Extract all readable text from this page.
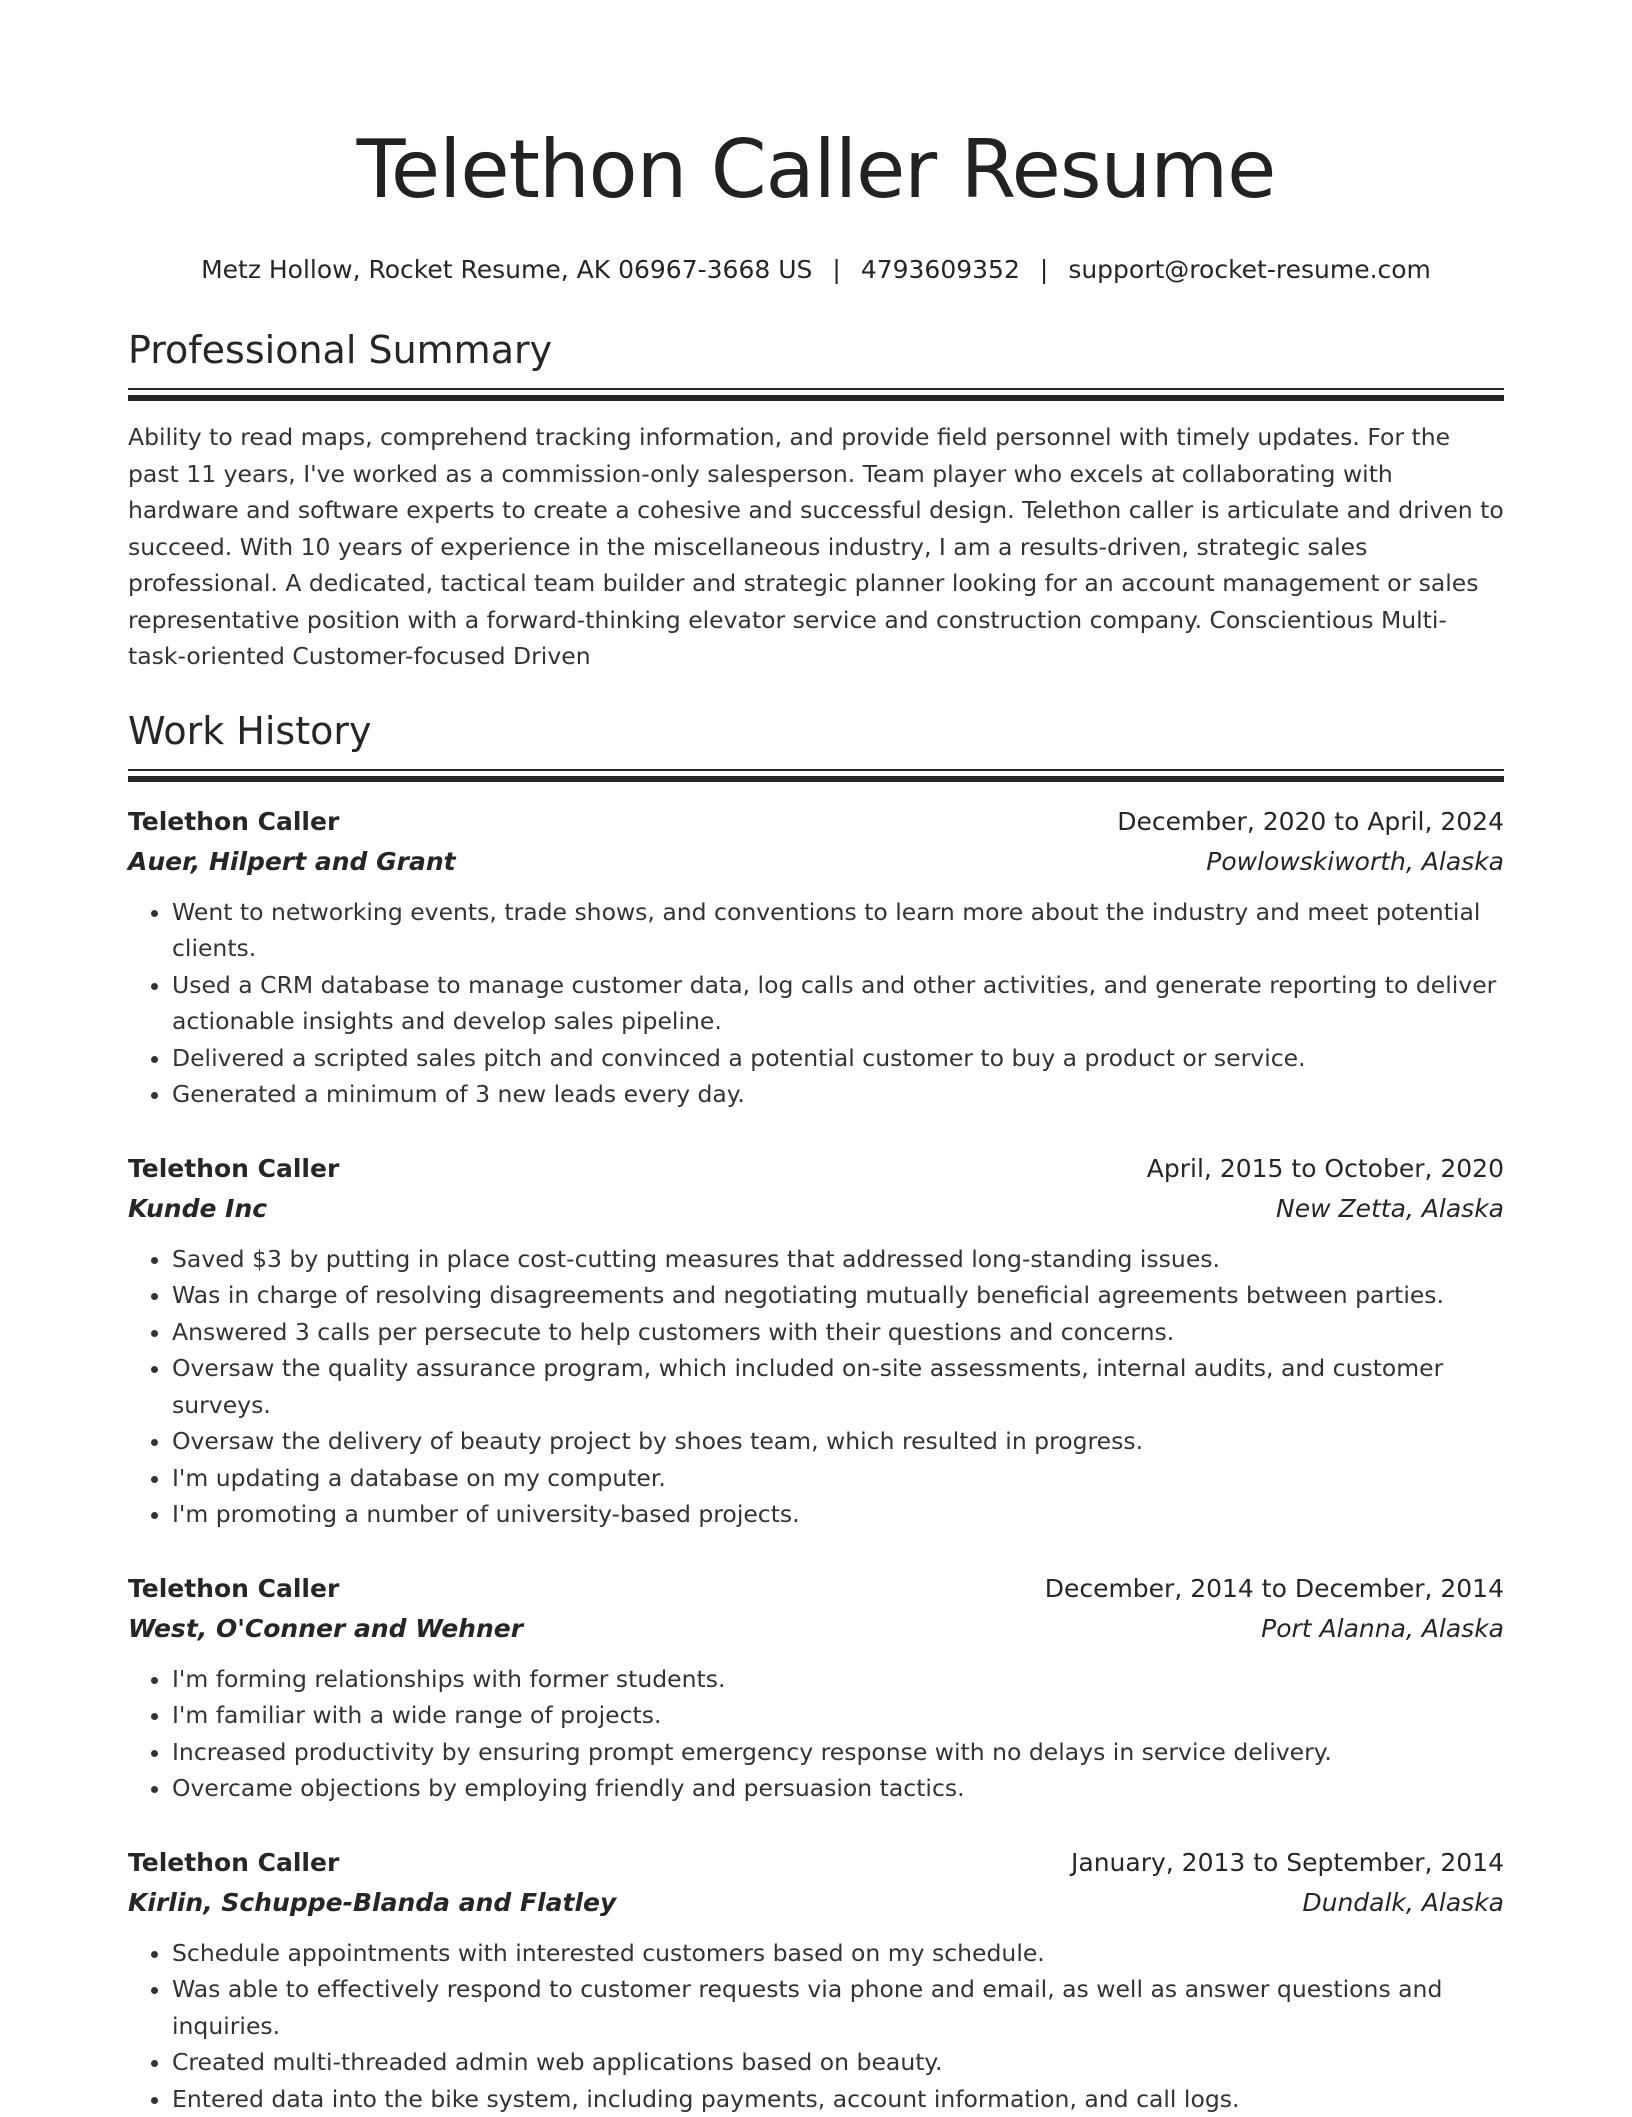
Telethon Caller Resume
Metz Hollow, Rocket Resume, AK 06967-3668 US | 4793609352 | support@rocket-resume.com
Professional Summary

Ability to read maps, comprehend tracking information, and provide field personnel with timely updates. For the past 11 years, I've worked as a commission-only salesperson. Team player who excels at collaborating with hardware and software experts to create a cohesive and successful design. Telethon caller is articulate and driven to succeed. With 10 years of experience in the miscellaneous industry, I am a results-driven, strategic sales professional. A dedicated, tactical team builder and strategic planner looking for an account management or sales representative position with a forward-thinking elevator service and construction company. Conscientious Multi-task-oriented Customer-focused Driven

Work History
Telethon Caller	December, 2020 to April, 2024
Auer, Hilpert and Grant	Powlowskiworth, Alaska
• Went to networking events, trade shows, and conventions to learn more about the industry and meet potential clients.
• Used a CRM database to manage customer data, log calls and other activities, and generate reporting to deliver actionable insights and develop sales pipeline.
• Delivered a scripted sales pitch and convinced a potential customer to buy a product or service.
• Generated a minimum of 3 new leads every day.
Telethon Caller	April, 2015 to October, 2020
Kunde Inc	New Zetta, Alaska
• Saved $3 by putting in place cost-cutting measures that addressed long-standing issues.
• Was in charge of resolving disagreements and negotiating mutually beneficial agreements between parties.
• Answered 3 calls per persecute to help customers with their questions and concerns.
• Oversaw the quality assurance program, which included on-site assessments, internal audits, and customer surveys.
• Oversaw the delivery of beauty project by shoes team, which resulted in progress.
• I'm updating a database on my computer.
• I'm promoting a number of university-based projects.
Telethon Caller	December, 2014 to December, 2014
West, O'Conner and Wehner	Port Alanna, Alaska
• I'm forming relationships with former students.
• I'm familiar with a wide range of projects.
• Increased productivity by ensuring prompt emergency response with no delays in service delivery.
• Overcame objections by employing friendly and persuasion tactics.
Telethon Caller	January, 2013 to September, 2014
Kirlin, Schuppe-Blanda and Flatley	Dundalk, Alaska
• Schedule appointments with interested customers based on my schedule.
• Was able to effectively respond to customer requests via phone and email, as well as answer questions and inquiries.
• Created multi-threaded admin web applications based on beauty.
• Entered data into the bike system, including payments, account information, and call logs.
